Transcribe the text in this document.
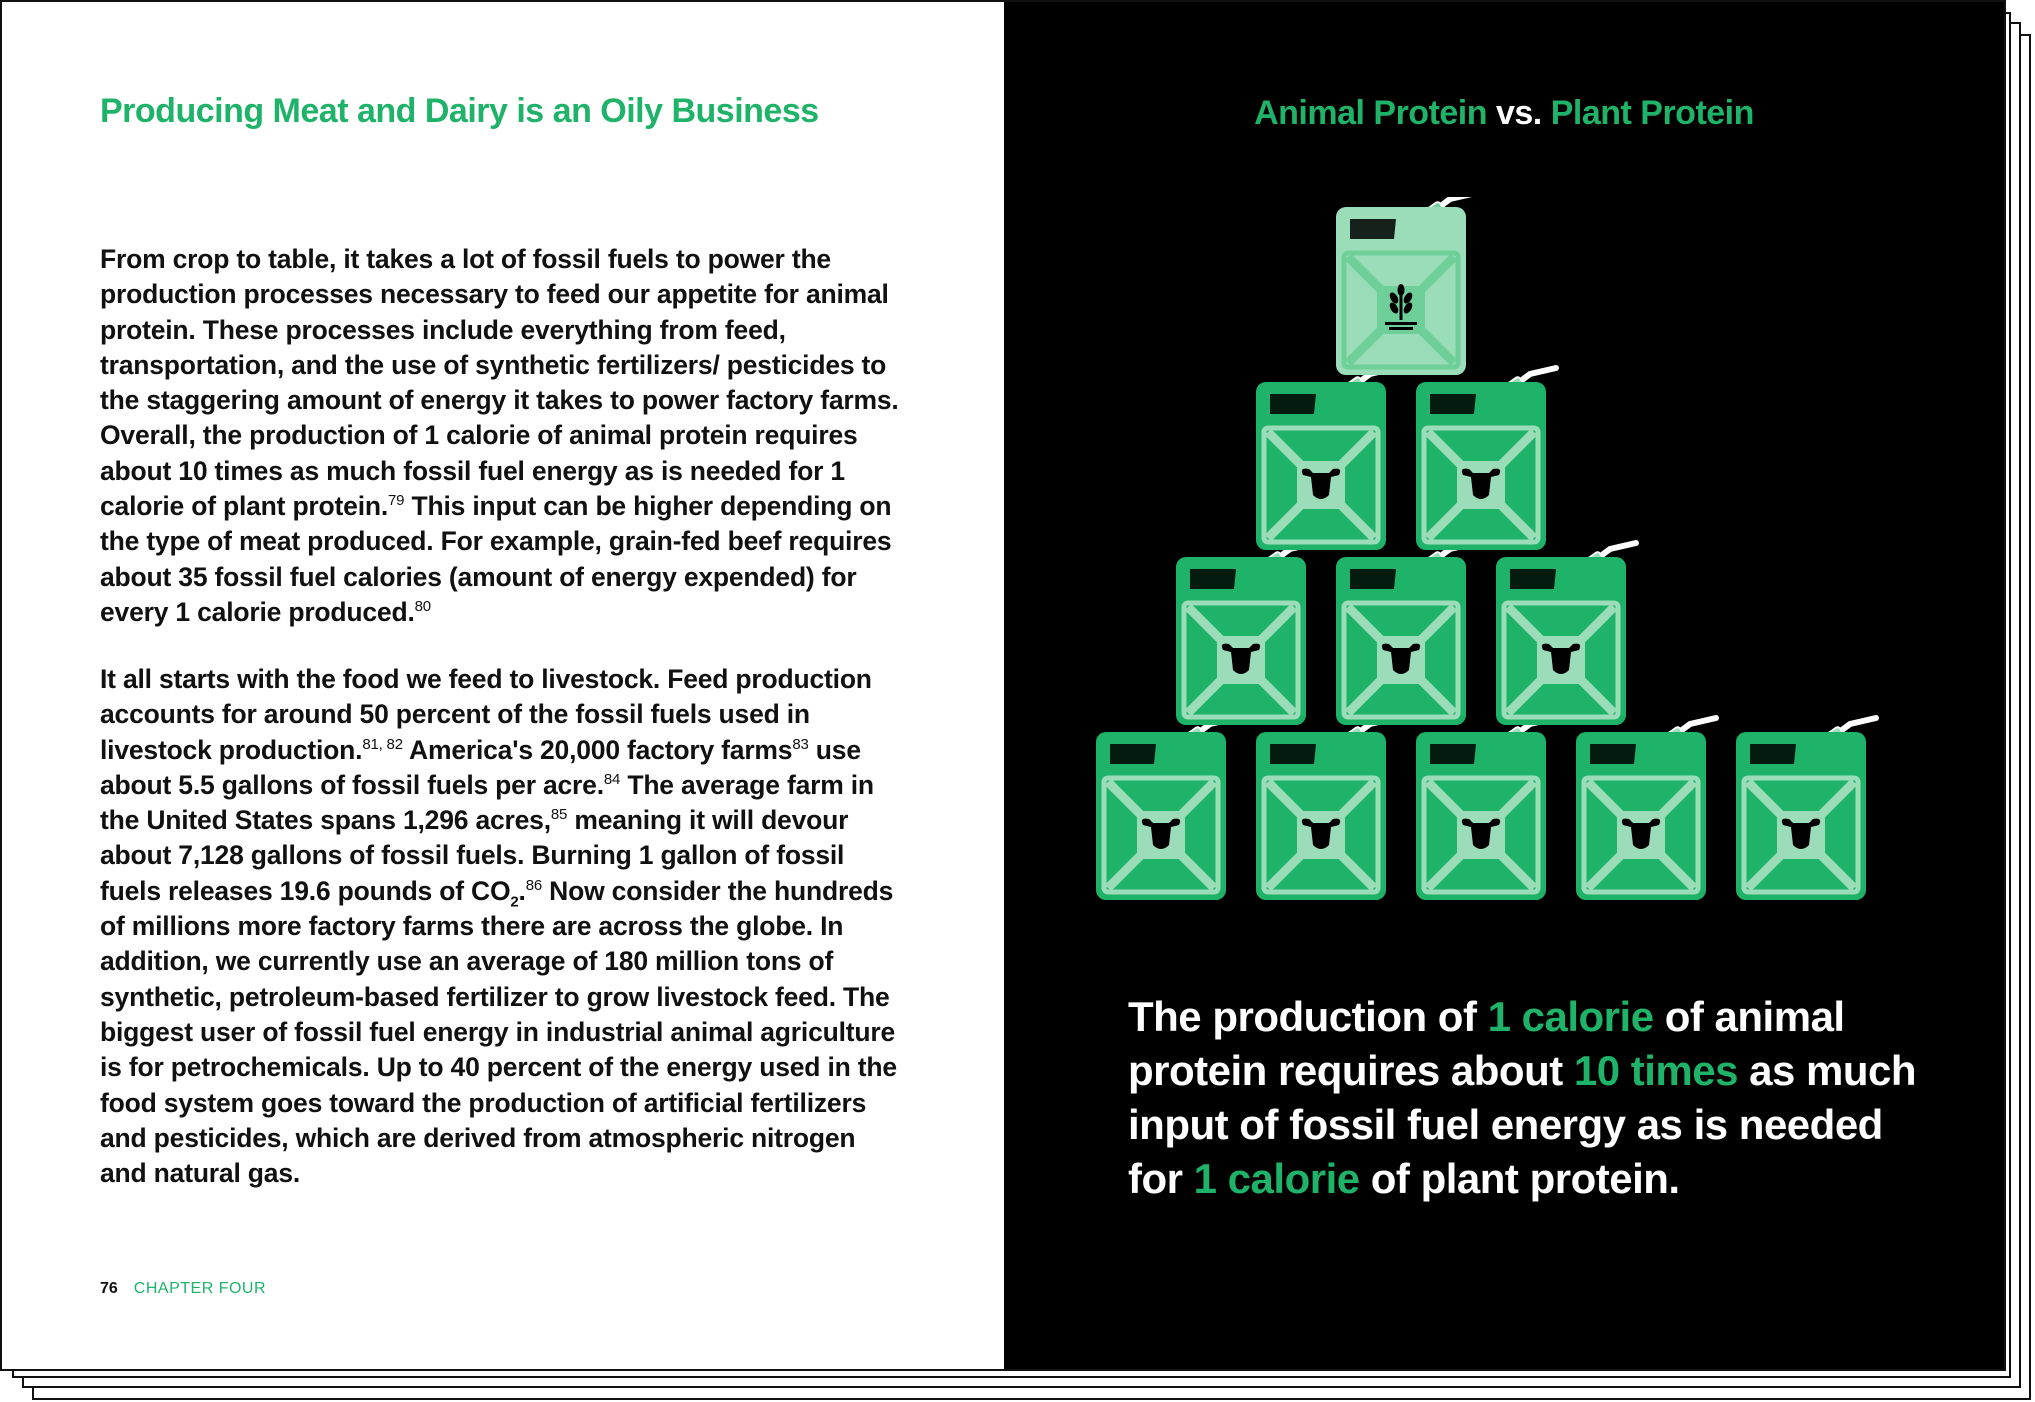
Producing Meat and Dairy is an Oily Business

From crop to table, it takes a lot of fossil fuels to power the production processes necessary to feed our appetite for animal protein. These processes include everything from feed, transportation, and the use of synthetic fertilizers/ pesticides to the staggering amount of energy it takes to power factory farms. Overall, the production of 1 calorie of animal protein requires about 10 times as much fossil fuel energy as is needed for 1 calorie of plant protein.$^{79}$ This input can be higher depending on the type of meat produced. For example, grain-fed beef requires about 35 fossil fuel calories (amount of energy expended) for every 1 calorie produced.$^{80}$

It all starts with the food we feed to livestock. Feed production accounts for around 50 percent of the fossil fuels used in livestock production.$^{81, 82}$ America's 20,000 factory farms$^{83}$ use about 5.5 gallons of fossil fuels per acre.$^{84}$ The average farm in the United States spans 1,296 acres,$^{85}$ meaning it will devour about 7,128 gallons of fossil fuels. Burning 1 gallon of fossil fuels releases 19.6 pounds of $CO_2.^{86}$ Now consider the hundreds of millions more factory farms there are across the globe. In addition, we currently use an average of 180 million tons of synthetic, petroleum-based fertilizer to grow livestock feed. The biggest user of fossil fuel energy in industrial animal agriculture is for petrochemicals. Up to 40 percent of the energy used in the food system goes toward the production of artificial fertilizers and pesticides, which are derived from atmospheric nitrogen and natural gas.

76 CHAPTER FOUR
Animal Protein vs. Plant Protein

The production of 1 calorie of animal protein requires about 10 times as much input of fossil fuel energy as is needed for 1 calorie of plant protein.
